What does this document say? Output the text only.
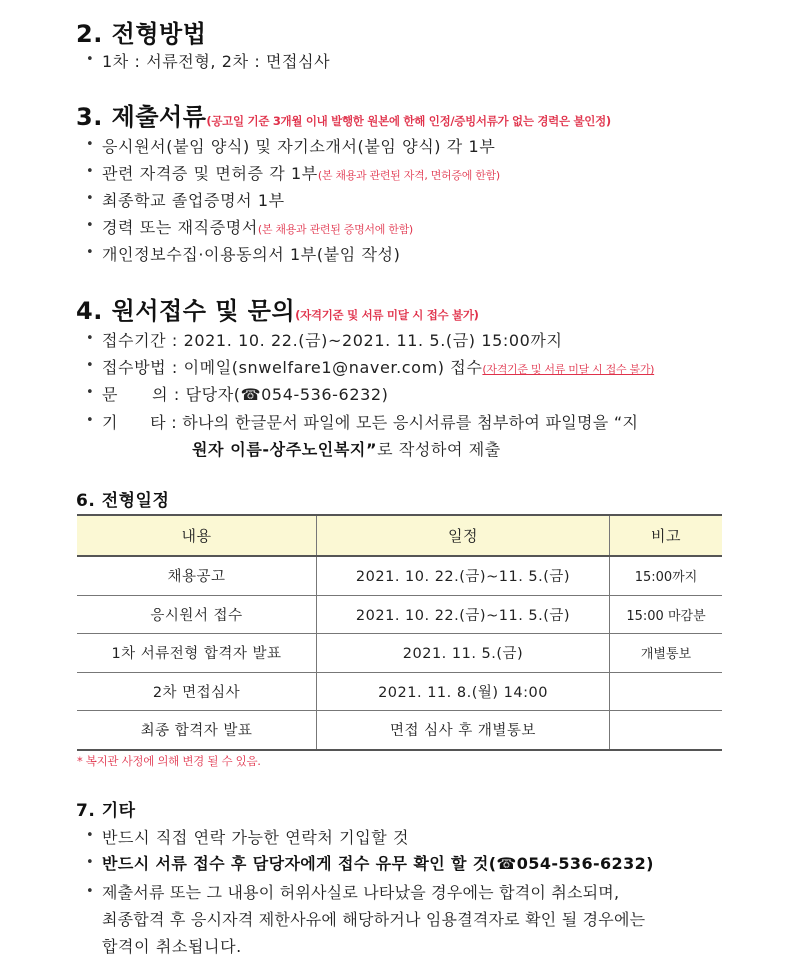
2. 전형방법
• 1차 : 서류전형, 2차 : 면접심사
3. 제출서류(공고일 기준 3개월 이내 발행한 원본에 한해 인정/증빙서류가 없는 경력은 불인정)
• 응시원서(붙임 양식) 및 자기소개서(붙임 양식) 각 1부
• 관련 자격증 및 면허증 각 1부(본 채용과 관련된 자격, 면허증에 한함)
• 최종학교 졸업증명서 1부
• 경력 또는 재직증명서(본 채용과 관련된 증명서에 한함)
• 개인정보수집·이용동의서 1부(붙임 작성)
4. 원서접수 및 문의(자격기준 및 서류 미달 시 접수 불가)
• 접수기간 : 2021. 10. 22.(금)~2021. 11. 5.(금) 15:00까지
• 접수방법 : 이메일(snwelfare1@naver.com) 접수(자격기준 및 서류 미달 시 접수 불가)
• 문      의 : 담당자(☎054-536-6232)
• 기      타 : 하나의 한글문서 파일에 모든 응시서류를 첨부하여 파일명을 “지
원자 이름-상주노인복지”로 작성하여 제출
6. 전형일정
내용	일정	비고
채용공고	2021. 10. 22.(금)~11. 5.(금)	15:00까지
응시원서 접수	2021. 10. 22.(금)~11. 5.(금)	15:00 마감분
1차 서류전형 합격자 발표	2021. 11. 5.(금)	개별통보
2차 면접심사	2021. 11. 8.(월) 14:00	
최종 합격자 발표	면접 심사 후 개별통보	
* 복지관 사정에 의해 변경 될 수 있음.
7. 기타
• 반드시 직접 연락 가능한 연락처 기입할 것
• 반드시 서류 접수 후 담당자에게 접수 유무 확인 할 것(☎054-536-6232)
• 제출서류 또는 그 내용이 허위사실로 나타났을 경우에는 합격이 취소되며,
최종합격 후 응시자격 제한사유에 해당하거나 임용결격자로 확인 될 경우에는
합격이 취소됩니다.
